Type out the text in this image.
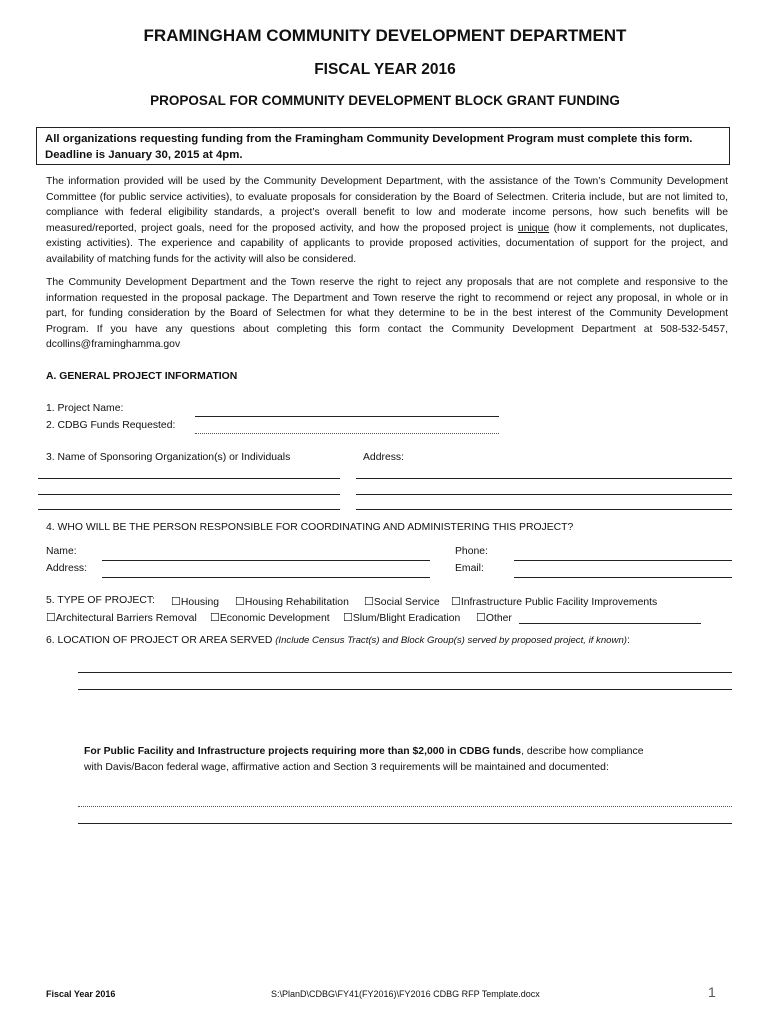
FRAMINGHAM COMMUNITY DEVELOPMENT DEPARTMENT
FISCAL YEAR 2016
PROPOSAL FOR COMMUNITY DEVELOPMENT BLOCK GRANT FUNDING
All organizations requesting funding from the Framingham Community Development Program must complete this form. Deadline is January 30, 2015 at 4pm.
The information provided will be used by the Community Development Department, with the assistance of the Town’s Community Development Committee (for public service activities), to evaluate proposals for consideration by the Board of Selectmen. Criteria include, but are not limited to, compliance with federal eligibility standards, a project’s overall benefit to low and moderate income persons, how such benefits will be measured/reported, project goals, need for the proposed activity, and how the proposed project is unique (how it complements, not duplicates, existing activities). The experience and capability of applicants to provide proposed activities, documentation of support for the project, and availability of matching funds for the activity will also be considered.
The Community Development Department and the Town reserve the right to reject any proposals that are not complete and responsive to the information requested in the proposal package. The Department and Town reserve the right to recommend or reject any proposal, in whole or in part, for funding consideration by the Board of Selectmen for what they determine to be in the best interest of the Community Development Program. If you have any questions about completing this form contact the Community Development Department at 508-532-5457, dcollins@framinghamma.gov
A. GENERAL PROJECT INFORMATION
1. Project Name:
2. CDBG Funds Requested:
3. Name of Sponsoring Organization(s) or Individuals	Address:
4. WHO WILL BE THE PERSON RESPONSIBLE FOR COORDINATING AND ADMINISTERING THIS PROJECT?
Name:	Phone:
Address:	Email:
5. TYPE OF PROJECT: ☐Housing ☐Housing Rehabilitation ☐Social Service ☐Infrastructure Public Facility Improvements
☐Architectural Barriers Removal ☐Economic Development ☐Slum/Blight Eradication ☐Other
6. LOCATION OF PROJECT OR AREA SERVED (Include Census Tract(s) and Block Group(s) served by proposed project, if known):
For Public Facility and Infrastructure projects requiring more than $2,000 in CDBG funds, describe how compliance
with Davis/Bacon federal wage, affirmative action and Section 3 requirements will be maintained and documented:
Fiscal Year 2016	S:\PlanD\CDBG\FY41(FY2016)\FY2016 CDBG RFP Template.docx	1
